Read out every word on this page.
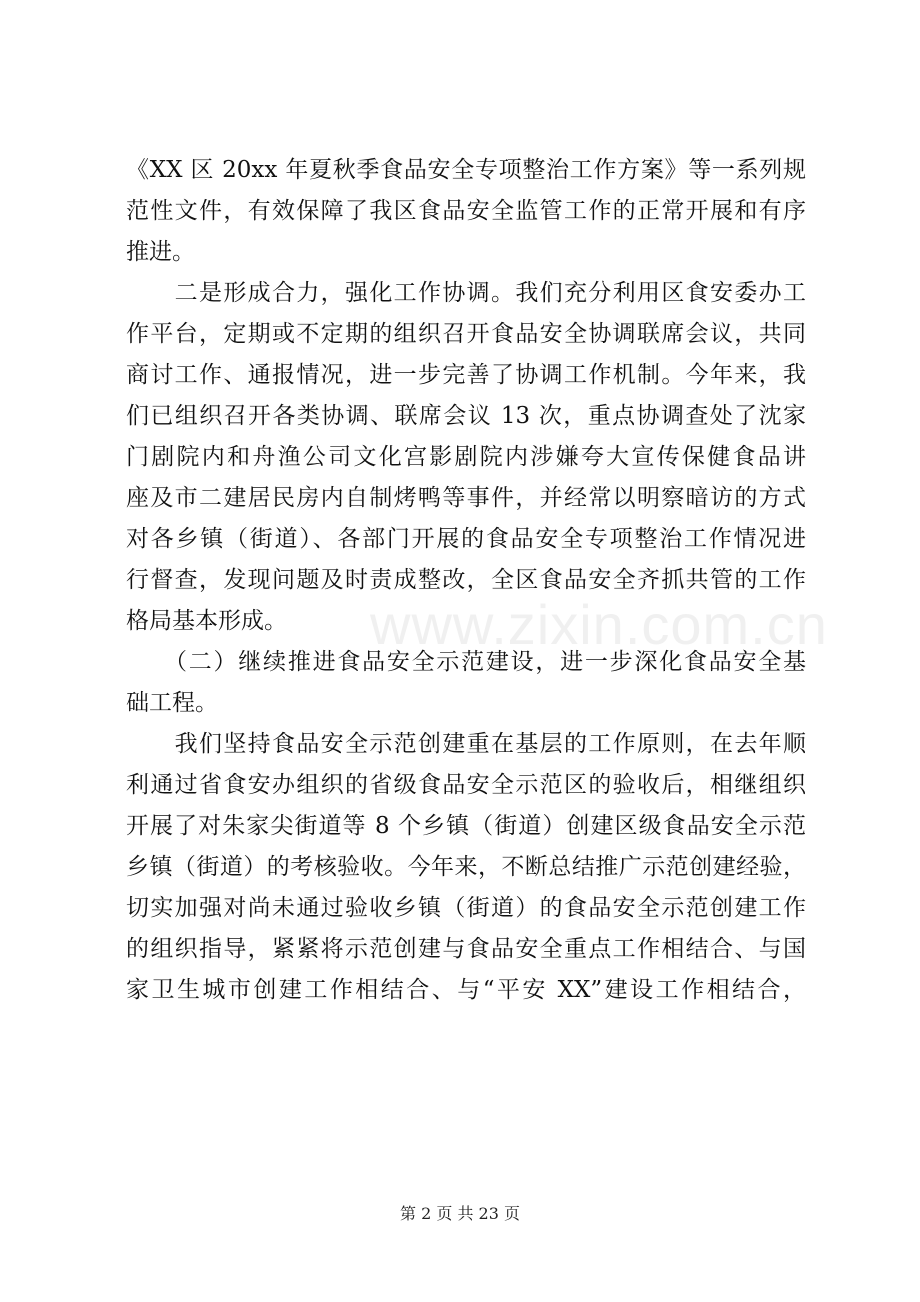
《XX 区 20xx 年夏秋季食品安全专项整治工作方案》等一系列规
范性文件，有效保障了我区食品安全监管工作的正常开展和有序
推进。
　　二是形成合力，强化工作协调。我们充分利用区食安委办工
作平台，定期或不定期的组织召开食品安全协调联席会议，共同
商讨工作、通报情况，进一步完善了协调工作机制。今年来，我
们已组织召开各类协调、联席会议 13 次，重点协调查处了沈家
门剧院内和舟渔公司文化宫影剧院内涉嫌夸大宣传保健食品讲
座及市二建居民房内自制烤鸭等事件，并经常以明察暗访的方式
对各乡镇（街道）、各部门开展的食品安全专项整治工作情况进
行督查，发现问题及时责成整改，全区食品安全齐抓共管的工作
格局基本形成。
　　（二）继续推进食品安全示范建设，进一步深化食品安全基
础工程。
　　我们坚持食品安全示范创建重在基层的工作原则，在去年顺
利通过省食安办组织的省级食品安全示范区的验收后，相继组织
开展了对朱家尖街道等 8 个乡镇（街道）创建区级食品安全示范
乡镇（街道）的考核验收。今年来，不断总结推广示范创建经验，
切实加强对尚未通过验收乡镇（街道）的食品安全示范创建工作
的组织指导，紧紧将示范创建与食品安全重点工作相结合、与国
家卫生城市创建工作相结合、与“平安 XX”建设工作相结合，
www.zixin.com.cn
第 2 页 共 23 页
